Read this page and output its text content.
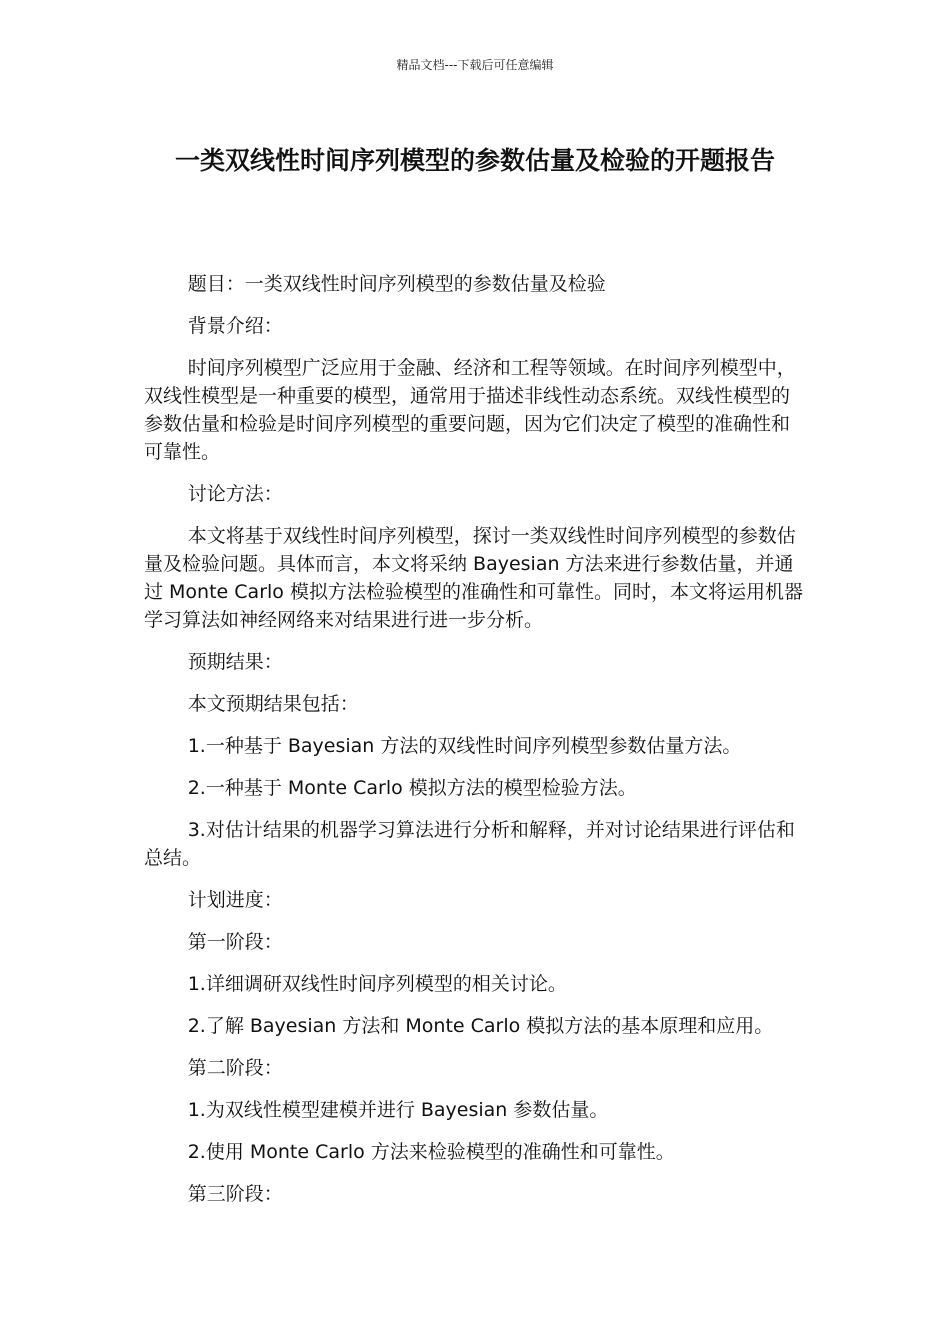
精品文档---下载后可任意编辑
一类双线性时间序列模型的参数估量及检验的开题报告

题目：一类双线性时间序列模型的参数估量及检验

背景介绍：

时间序列模型广泛应用于金融、经济和工程等领域。在时间序列模型中，双线性模型是一种重要的模型，通常用于描述非线性动态系统。双线性模型的参数估量和检验是时间序列模型的重要问题，因为它们决定了模型的准确性和可靠性。

讨论方法：

本文将基于双线性时间序列模型，探讨一类双线性时间序列模型的参数估量及检验问题。具体而言，本文将采纳 Bayesian 方法来进行参数估量，并通过 Monte Carlo 模拟方法检验模型的准确性和可靠性。同时，本文将运用机器学习算法如神经网络来对结果进行进一步分析。

预期结果：

本文预期结果包括：

1.一种基于 Bayesian 方法的双线性时间序列模型参数估量方法。

2.一种基于 Monte Carlo 模拟方法的模型检验方法。

3.对估计结果的机器学习算法进行分析和解释，并对讨论结果进行评估和总结。

计划进度：

第一阶段：

1.详细调研双线性时间序列模型的相关讨论。

2.了解 Bayesian 方法和 Monte Carlo 模拟方法的基本原理和应用。

第二阶段：

1.为双线性模型建模并进行 Bayesian 参数估量。

2.使用 Monte Carlo 方法来检验模型的准确性和可靠性。

第三阶段：
